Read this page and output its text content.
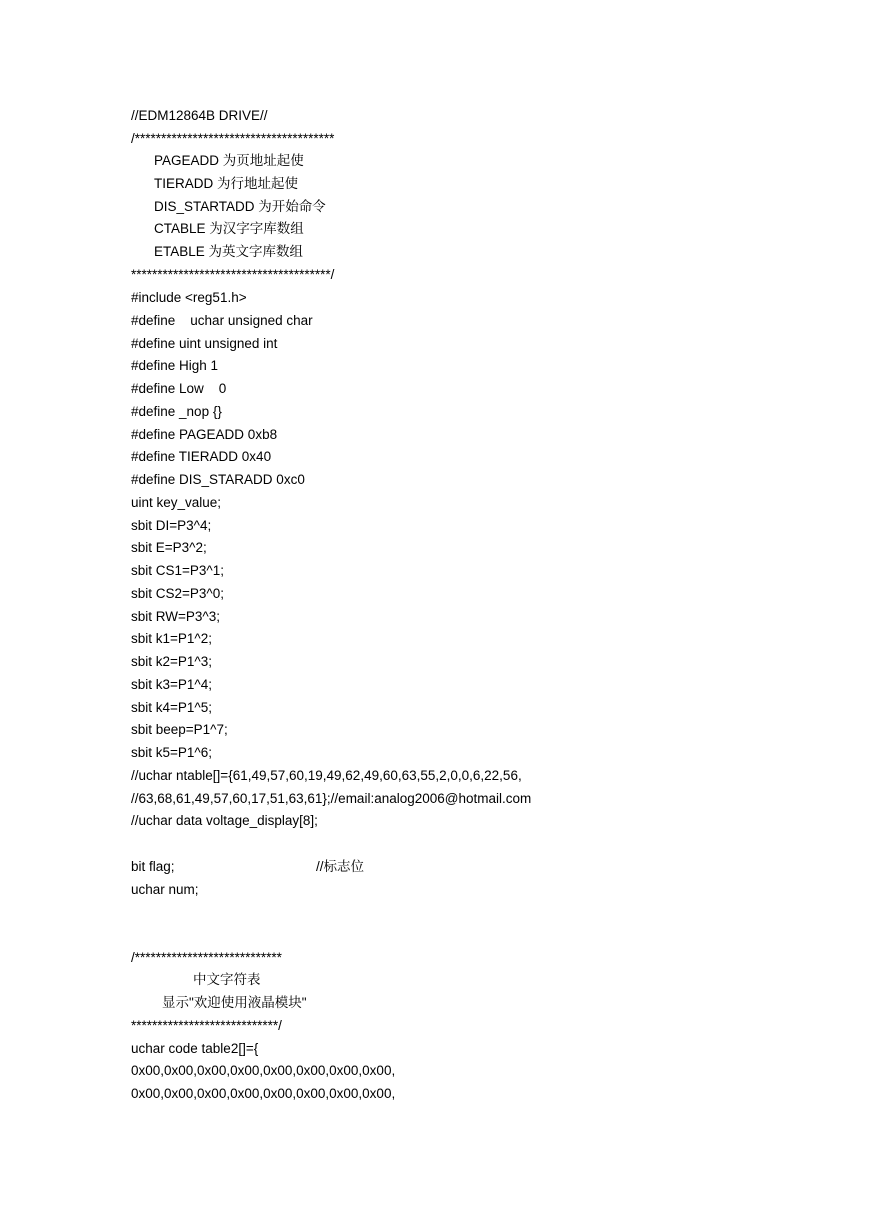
//EDM12864B DRIVE//
/**************************************
PAGEADD 为页地址起使
TIERADD 为行地址起使
DIS_STARTADD 为开始命令
CTABLE 为汉字字库数组
ETABLE 为英文字库数组
**************************************/
#include <reg51.h>
#define    uchar unsigned char
#define uint unsigned int
#define High 1
#define Low    0
#define _nop {}
#define PAGEADD 0xb8
#define TIERADD 0x40
#define DIS_STARADD 0xc0
uint key_value;
sbit DI=P3^4;
sbit E=P3^2;
sbit CS1=P3^1;
sbit CS2=P3^0;
sbit RW=P3^3;
sbit k1=P1^2;
sbit k2=P1^3;
sbit k3=P1^4;
sbit k4=P1^5;
sbit beep=P1^7;
sbit k5=P1^6;
//uchar ntable[]={61,49,57,60,19,49,62,49,60,63,55,2,0,0,6,22,56,
//63,68,61,49,57,60,17,51,63,61};//email:analog2006@hotmail.com
//uchar data voltage_display[8];
bit flag;	//标志位
uchar num;
/****************************
中文字符表
显示"欢迎使用液晶模块"
****************************/
uchar code table2[]={
0x00,0x00,0x00,0x00,0x00,0x00,0x00,0x00,
0x00,0x00,0x00,0x00,0x00,0x00,0x00,0x00,
